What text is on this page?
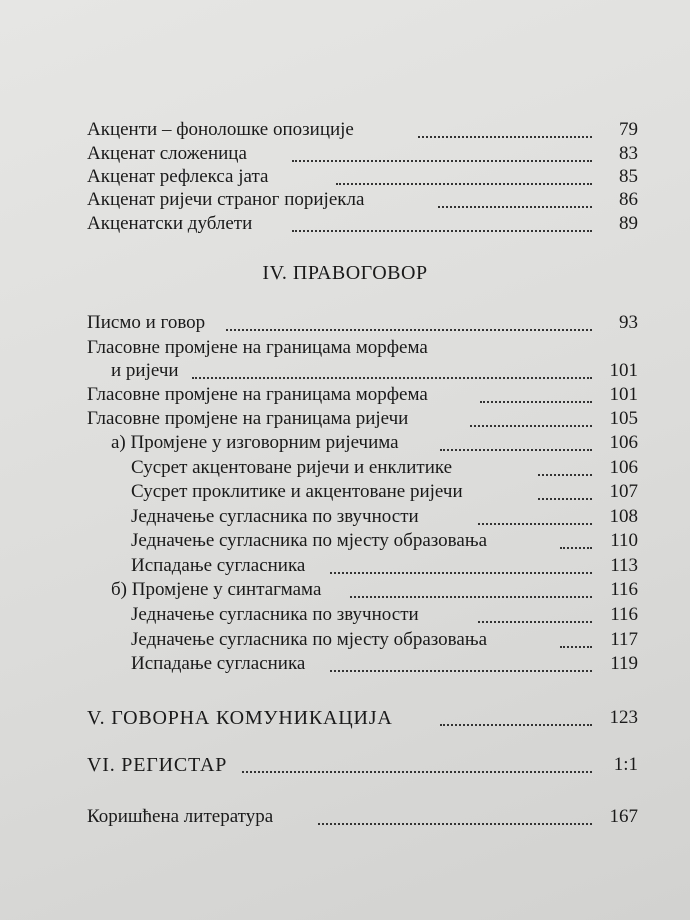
Акценти – фонолошке опозиције	79
Акценат сложеница	83
Акценат рефлекса јата	85
Акценат ријечи страног поријекла	86
Акценатски дублети	89
IV. ПРАВОГОВОР
Писмо и говор	93
Гласовне промјене на границама морфема
и ријечи	101
Гласовне промјене на границама морфема	101
Гласовне промјене на границама ријечи	105
а) Промјене у изговорним ријечима	106
Сусрет акцентоване ријечи и енклитике	106
Сусрет проклитике и акцентоване ријечи	107
Једначење сугласника по звучности	108
Једначење сугласника по мјесту образовања	110
Испадање сугласника	113
б) Промјене у синтагмама	116
Једначење сугласника по звучности	116
Једначење сугласника по мјесту образовања	117
Испадање сугласника	119
V. ГОВОРНА КОМУНИКАЦИЈА	123
VI. РЕГИСТАР	1:1
Коришћена литература	167
